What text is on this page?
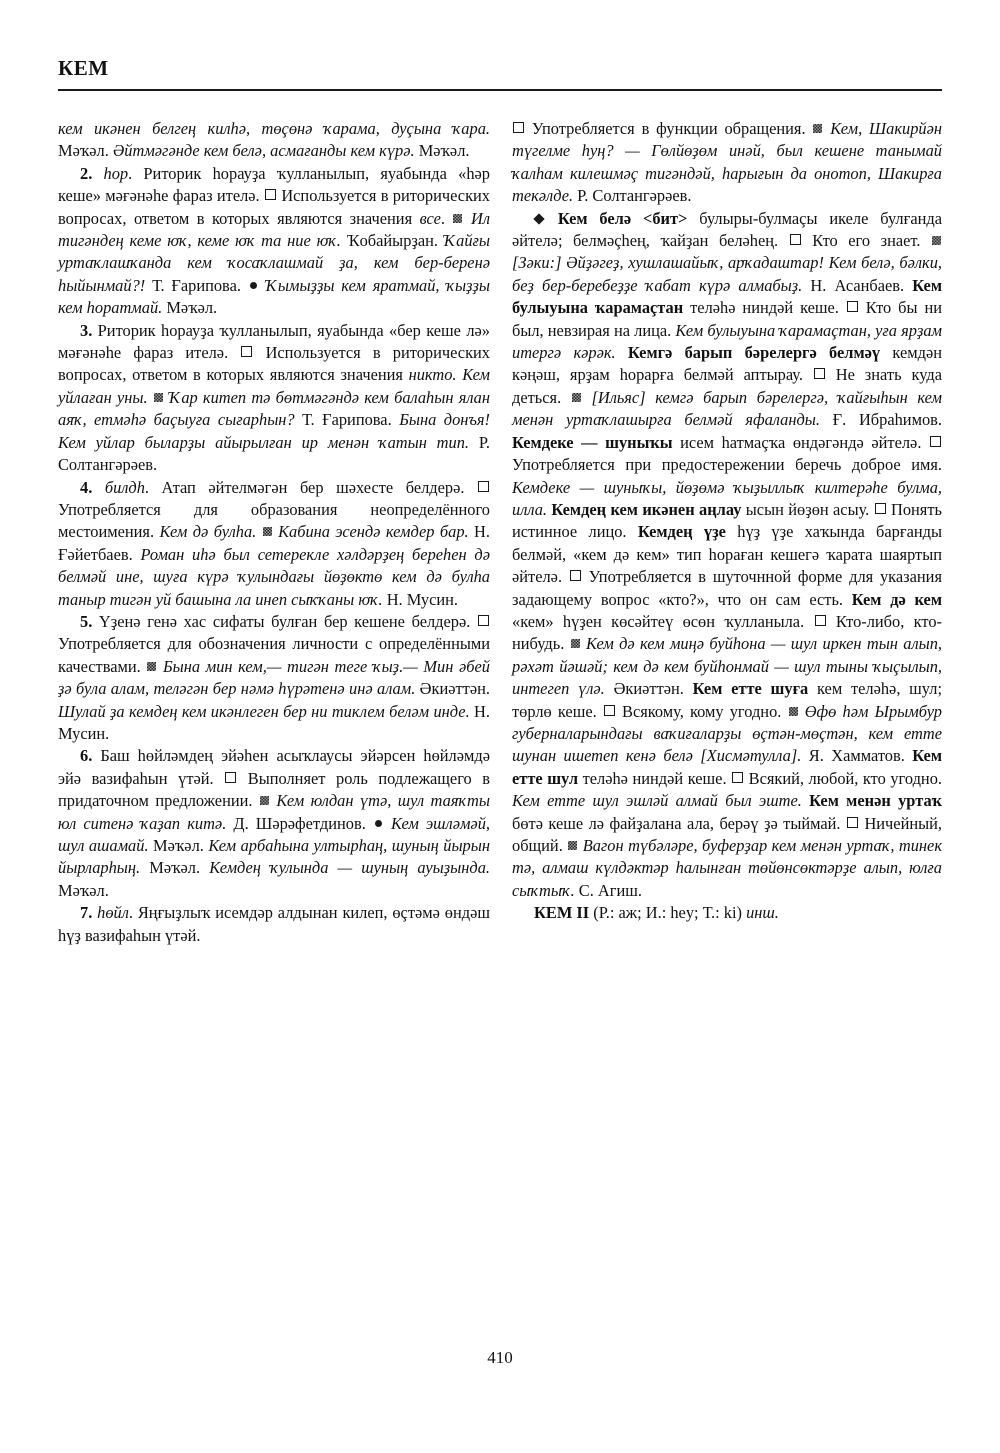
КЕМ

кем икәнен белгең килһә, төçөнә ҡарама, дуçына ҡара. Мәҡәл. Әйтмәгәнде кем белә, асмағанды кем күрә. Мәҡәл.

2. һор. Риторик һорауҙа ҡулланылып, яуабында «һәр кеше» мәғәнәһе фараз ителә.  Используется в риторических вопросах, ответом в которых являются значения все.  Ил тигәндең кеме юҡ, кеме юҡ та ние юҡ. Ҡобайырҙан. Ҡайғы уртаҡлашҡанда кем ҡосаҡлашмай ҙа, кем бер-беренә һыйынмай?! Т. Ғарипова.  Ҡымыҙҙы кем яратмай, ҡыҙҙы кем һоратмай. Мәҡәл.

3. Риторик һорауҙа ҡулланылып, яуабында «бер кеше лә» мәғәнәһе фараз ителә.  Используется в риторических вопросах, ответом в которых являются значения никто. Кем уйлаған уны.  Ҡар китеп тә бөтмәгәндә кем балаһын ялан аяҡ, етмәһә баçыуға сығарһын? Т. Ғарипова. Бына донъя! Кем уйлар быларҙы айырылған ир менән ҡатын тип. Р. Солтангәрәев.

4. билдһ. Атап әйтелмәгән бер шәхесте белдерә.  Употребляется для образования неопределённого местоимения. Кем дә булһа.  Кабина эсендә кемдер бар. Н. Ғәйетбаев. Роман иһә был сетерекле хәлдәрҙең береһен дә белмәй ине, шуға күрә ҡулындағы йөҙөктө кем дә булһа таныр тигән уй башына ла инеп сыҡҡаны юҡ. Н. Мусин.

5. Үҙенә генә хас сифаты булған бер кешене белдерә.  Употребляется для обозначения личности с определёнными качествами.  Бына мин кем,— тигән теге ҡыҙ.— Мин әбей ҙә була алам, теләгән бер нәмә һүрәтенә инә алам. Әкиәттән. Шулай ҙа кемдең кем икәнлеген бер ни тиклем беләм инде. Н. Мусин.

6. Баш һөйләмдең эйәһен асыҡлаусы эйәрсен һөйләмдә эйә вазифаһын үтәй.  Выполняет роль подлежащего в придаточном предложении.  Кем юлдан үтә, шул таяҡты юл ситенә ҡаҙап китә. Д. Шәрәфетдинов.  Кем эшләмәй, шул ашамай. Мәҡәл. Кем арбаһына ултырһаң, шуның йырын йырларһың. Мәҡәл. Кемдең ҡулында — шуның ауыҙында. Мәҡәл.

7. һөйл. Яңғыҙлыҡ исемдәр алдынан килеп, өçтәмә өндәш һүҙ вазифаһын үтәй.

Употребляется в функции обращения.  Кем, Шакирйән түгелме һуң? — Гөлйөҙөм инәй, был кешене танымай ҡалһам килешмәç тигәндәй, һарығын да онотоп, Шакирға текәлде. Р. Солтангәрәев.

Кем белә <бит> булыры-булмаçы икеле булғанда әйтелә; белмәçһең, ҡайҙан беләһең.  Кто его знает.  [Зәки:] Әйҙәгеҙ, хушлашайыҡ, арҡадаштар! Кем белә, бәлки, беҙ бер-беребеҙҙе ҡабат күрә алмабыҙ. Н. Асанбаев. Кем булыуына ҡарамаçтан теләһә ниндәй кеше.  Кто бы ни был, невзирая на лица. Кем булыуына ҡарамаçтан, уға ярҙам итергә кәрәк. Кемгә барып бәрелергә белмәү кемдән кәңәш, ярҙам һорарға белмәй аптырау.  Не знать куда деться.  [Ильяс] кемгә барып бәрелергә, ҡайғыһын кем менән уртаҡлашырға белмәй яфаланды. Ғ. Ибраһимов. Кемдеке — шуныҡы исем һатмаçҡа өндәгәндә әйтелә.  Употребляется при предостережении беречь доброе имя. Кемдеке — шуныҡы, йөҙөмә ҡыҙыллыҡ килтерәһе булма, илла. Кемдең кем икәнен аңлау ысын йөҙөн асыу.  Понять истинное лицо. Кемдең үҙе һүҙ үҙе хаҡында барғанды белмәй, «кем дә кем» тип һораған кешегә ҡарата шаяртып әйтелә.  Употребляется в шуточнной форме для указания задающему вопрос «кто?», что он сам есть. Кем дә кем «кем» һүҙен көсәйтеү өсөн ҡулланыла.  Кто-либо, кто-нибудь.  Кем дә кем миңә буйһона — шул иркен тын алып, рәхәт йәшәй; кем дә кем буйһонмай — шул тыны ҡыçылып, интегеп үлә. Әкиәттән. Кем етте шуға кем теләһә, шул; төрлө кеше.  Всякому, кому угодно.  Өфө һәм Ырымбур губерналарындағы ваҡиғаларҙы өçтән-мөçтән, кем етте шунан ишетеп кенә белә [Хисмәтулла]. Я. Хамматов. Кем етте шул теләһә ниндәй кеше.  Всякий, любой, кто угодно. Кем етте шул эшләй алмай был эште. Кем менән уртаҡ бөтә кеше лә файҙалана ала, берәү ҙә тыймай.  Ничейный, общий.  Вагон түбәләре, буферҙар кем менән уртаҡ, тинек тә, алмаш күлдәктәр һалынған төйөнсөктәрҙе алып, юлға сыҡтыҡ. С. Агиш.

КЕМ II (Р.: аж; И.: hey; Т.: ki) инш.

410
